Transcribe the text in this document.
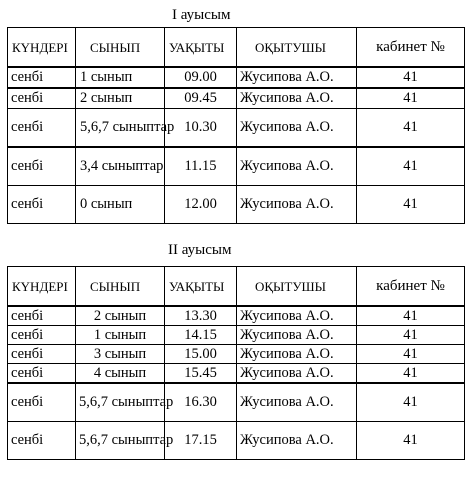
I ауысым
КҮНДЕРІ	СЫНЫП	УАҚЫТЫ	ОҚЫТУШЫ	кабинет №
сенбі	1 сынып	09.00	Жусипова А.О.	41
сенбі	2 сынып	09.45	Жусипова А.О.	41
сенбі	5,6,7 сыныптар	10.30	Жусипова А.О.	41
сенбі	3,4 сыныптар	11.15	Жусипова А.О.	41
сенбі	0 сынып	12.00	Жусипова А.О.	41
II ауысым
КҮНДЕРІ	СЫНЫП	УАҚЫТЫ	ОҚЫТУШЫ	кабинет №
сенбі	2 сынып	13.30	Жусипова А.О.	41
сенбі	1 сынып	14.15	Жусипова А.О.	41
сенбі	3 сынып	15.00	Жусипова А.О.	41
сенбі	4 сынып	15.45	Жусипова А.О.	41
сенбі	5,6,7 сыныптар	16.30	Жусипова А.О.	41
сенбі	5,6,7 сыныптар	17.15	Жусипова А.О.	41
